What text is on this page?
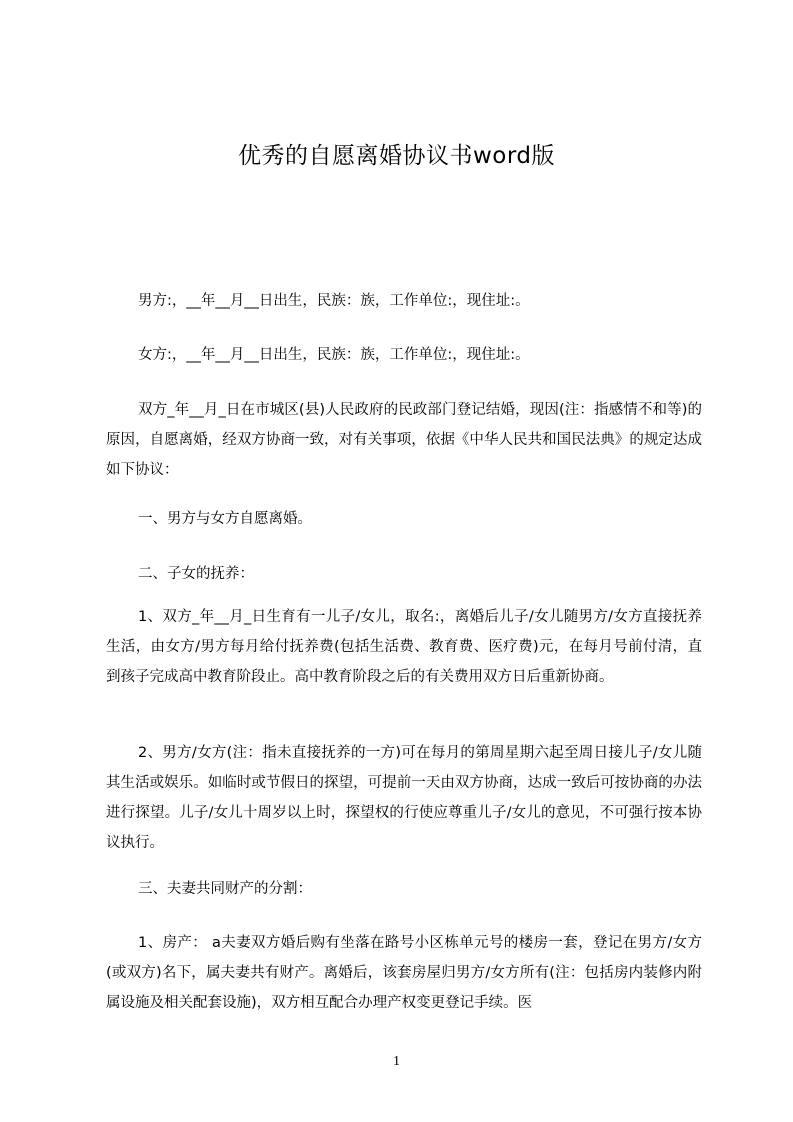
优秀的自愿离婚协议书word版

男方:，__年__月__日出生，民族：族，工作单位:，现住址:。

女方:，__年__月__日出生，民族：族，工作单位:，现住址:。

双方_年__月_日在市城区(县)人民政府的民政部门登记结婚，现因(注：指感情不和等)的原因，自愿离婚，经双方协商一致，对有关事项，依据《中华人民共和国民法典》的规定达成如下协议：

一、男方与女方自愿离婚。

二、子女的抚养：

1、双方_年__月_日生育有一儿子/女儿，取名:，离婚后儿子/女儿随男方/女方直接抚养生活，由女方/男方每月给付抚养费(包括生活费、教育费、医疗费)元，在每月号前付清，直到孩子完成高中教育阶段止。高中教育阶段之后的有关费用双方日后重新协商。

2、男方/女方(注：指未直接抚养的一方)可在每月的第周星期六起至周日接儿子/女儿随其生活或娱乐。如临时或节假日的探望，可提前一天由双方协商，达成一致后可按协商的办法进行探望。儿子/女儿十周岁以上时，探望权的行使应尊重儿子/女儿的意见，不可强行按本协议执行。

三、夫妻共同财产的分割：

1、房产： a夫妻双方婚后购有坐落在路号小区栋单元号的楼房一套，登记在男方/女方(或双方)名下，属夫妻共有财产。离婚后，该套房屋归男方/女方所有(注：包括房内装修内附属设施及相关配套设施)，双方相互配合办理产权变更登记手续。医

1
